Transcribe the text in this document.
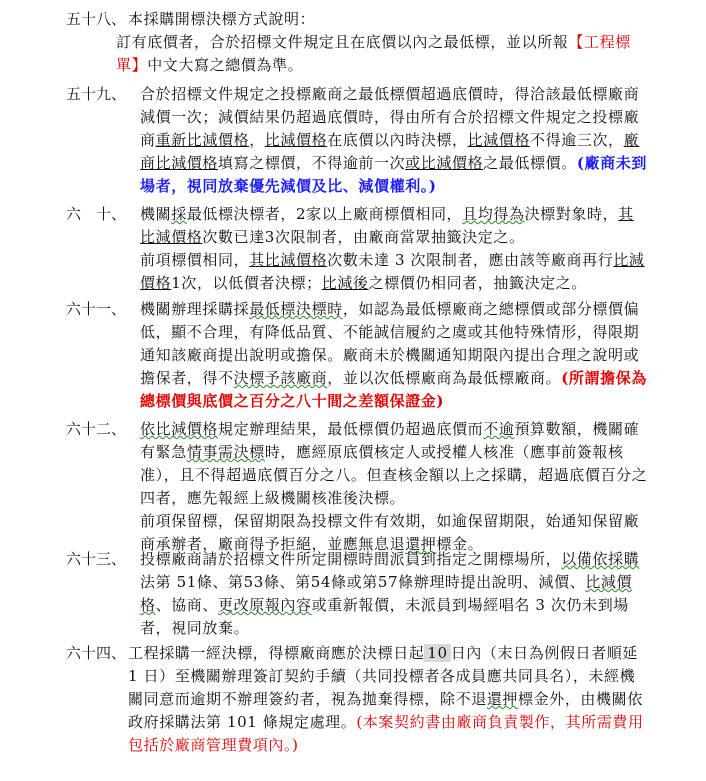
五十八、 本採購開標決標方式說明：

訂有底價者，合於招標文件規定且在底價以內之最低標，並以所報【工程標單】中文大寫之總價為準。

五十九、 合於招標文件規定之投標廠商之最低標價超過底價時，得洽該最低標廠商減價一次；減價結果仍超過底價時，得由所有合於招標文件規定之投標廠商重新比減價格，比減價格在底價以內時決標，比減價格不得逾三次，廠商比減價格填寫之標價，不得逾前一次或比減價格之最低標價。(廠商未到場者，視同放棄優先減價及比、減價權利。)

六　十、 機關採最低標決標者，2家以上廠商標價相同，且均得為決標對象時，其比減價格次數已達3次限制者，由廠商當眾抽籤決定之。

前項標價相同，其比減價格次數未達 3 次限制者，應由該等廠商再行比減價格1次，以低價者決標；比減後之標價仍相同者，抽籤決定之。

六十一、 機關辦理採購採最低標決標時，如認為最低標廠商之總標價或部分標價偏低，顯不合理，有降低品質、不能誠信履約之虞或其他特殊情形，得限期通知該廠商提出說明或擔保。廠商未於機關通知期限內提出合理之說明或擔保者，得不決標予該廠商，並以次低標廠商為最低標廠商。(所謂擔保為總標價與底價之百分之八十間之差額保證金)

六十二、 依比減價格規定辦理結果，最低標價仍超過底價而不逾預算數額，機關確有緊急情事需決標時，應經原底價核定人或授權人核准（應事前簽報核准），且不得超過底價百分之八。但查核金額以上之採購，超過底價百分之四者，應先報經上級機關核准後決標。

前項保留標，保留期限為投標文件有效期，如逾保留期限，始通知保留廠商承辦者，廠商得予拒絕，並應無息退還押標金。

六十三、 投標廠商請於招標文件所定開標時間派員到指定之開標場所，以備依採購法第 51條、第53條、第54條或第57條辦理時提出說明、減價、比減價格、協商、更改原報內容或重新報價，未派員到場經唱名 3 次仍未到場者，視同放棄。

六十四、 工程採購一經決標，得標廠商應於決標日起 10 日內（末日為例假日者順延 1 日）至機關辦理簽訂契約手續（共同投標者各成員應共同具名），未經機關同意而逾期不辦理簽約者，視為拋棄得標，除不退還押標金外，由機關依政府採購法第 101 條規定處理。(本案契約書由廠商負責製作，其所需費用包括於廠商管理費項內。)
